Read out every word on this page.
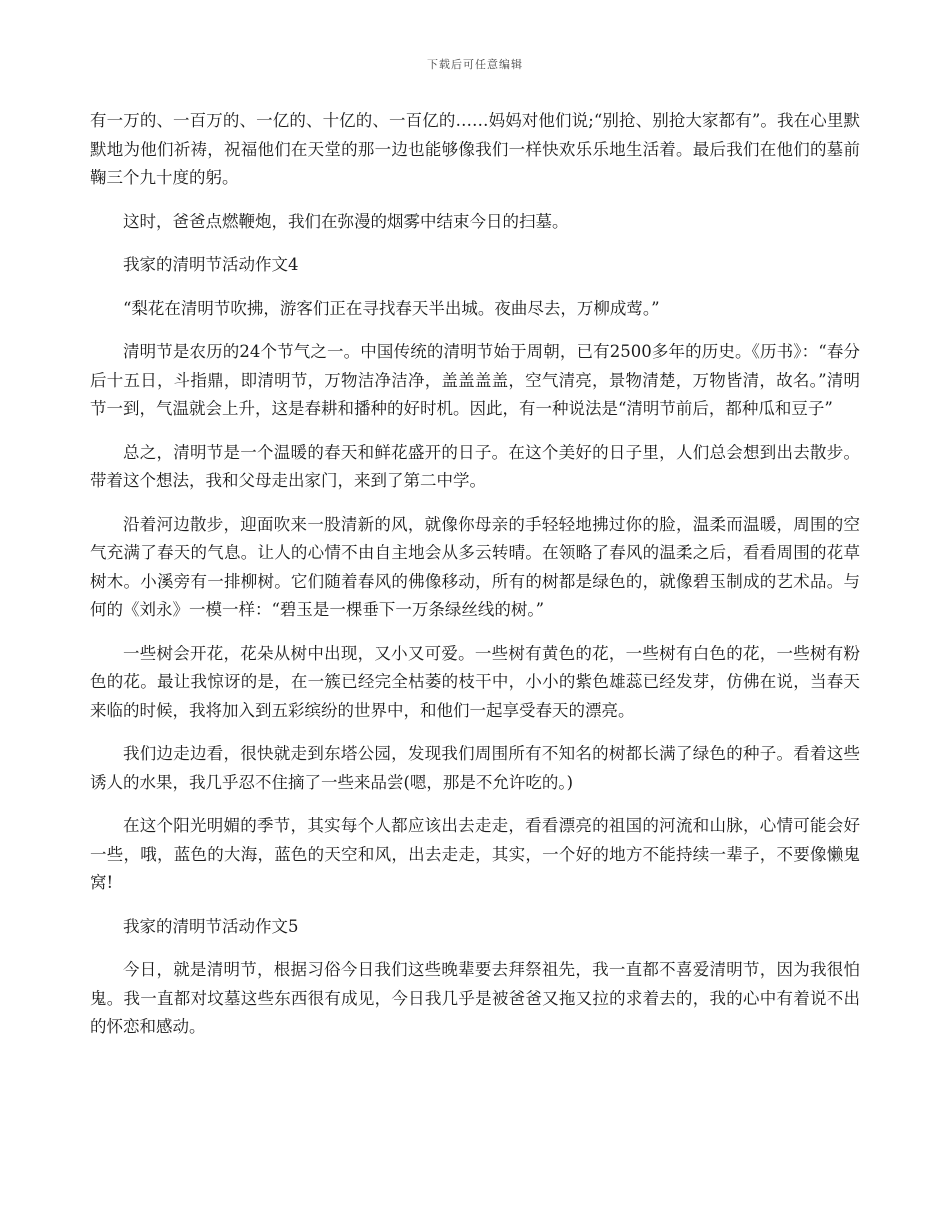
下载后可任意编辑

有一万的、一百万的、一亿的、十亿的、一百亿的……妈妈对他们说;“别抢、别抢大家都有”。我在心里默默地为他们祈祷，祝福他们在天堂的那一边也能够像我们一样快欢乐乐地生活着。最后我们在他们的墓前鞠三个九十度的躬。

这时，爸爸点燃鞭炮，我们在弥漫的烟雾中结束今日的扫墓。

我家的清明节活动作文4

“梨花在清明节吹拂，游客们正在寻找春天半出城。夜曲尽去，万柳成莺。”

清明节是农历的24个节气之一。中国传统的清明节始于周朝，已有2500多年的历史。《历书》：“春分后十五日，斗指鼎，即清明节，万物洁净洁净，盖盖盖盖，空气清亮，景物清楚，万物皆清，故名。”清明节一到，气温就会上升，这是春耕和播种的好时机。因此，有一种说法是“清明节前后，都种瓜和豆子”

总之，清明节是一个温暖的春天和鲜花盛开的日子。在这个美好的日子里，人们总会想到出去散步。带着这个想法，我和父母走出家门，来到了第二中学。

沿着河边散步，迎面吹来一股清新的风，就像你母亲的手轻轻地拂过你的脸，温柔而温暖，周围的空气充满了春天的气息。让人的心情不由自主地会从多云转晴。在领略了春风的温柔之后，看看周围的花草树木。小溪旁有一排柳树。它们随着春风的佛像移动，所有的树都是绿色的，就像碧玉制成的艺术品。与何的《刘永》一模一样：“碧玉是一棵垂下一万条绿丝线的树。”

一些树会开花，花朵从树中出现，又小又可爱。一些树有黄色的花，一些树有白色的花，一些树有粉色的花。最让我惊讶的是，在一簇已经完全枯萎的枝干中，小小的紫色雄蕊已经发芽，仿佛在说，当春天来临的时候，我将加入到五彩缤纷的世界中，和他们一起享受春天的漂亮。

我们边走边看，很快就走到东塔公园，发现我们周围所有不知名的树都长满了绿色的种子。看着这些诱人的水果，我几乎忍不住摘了一些来品尝(嗯，那是不允许吃的。)

在这个阳光明媚的季节，其实每个人都应该出去走走，看看漂亮的祖国的河流和山脉，心情可能会好一些，哦，蓝色的大海，蓝色的天空和风，出去走走，其实，一个好的地方不能持续一辈子，不要像懒鬼窝!

我家的清明节活动作文5

今日，就是清明节，根据习俗今日我们这些晚辈要去拜祭祖先，我一直都不喜爱清明节，因为我很怕鬼。我一直都对坟墓这些东西很有成见，今日我几乎是被爸爸又拖又拉的求着去的，我的心中有着说不出的怀恋和感动。
